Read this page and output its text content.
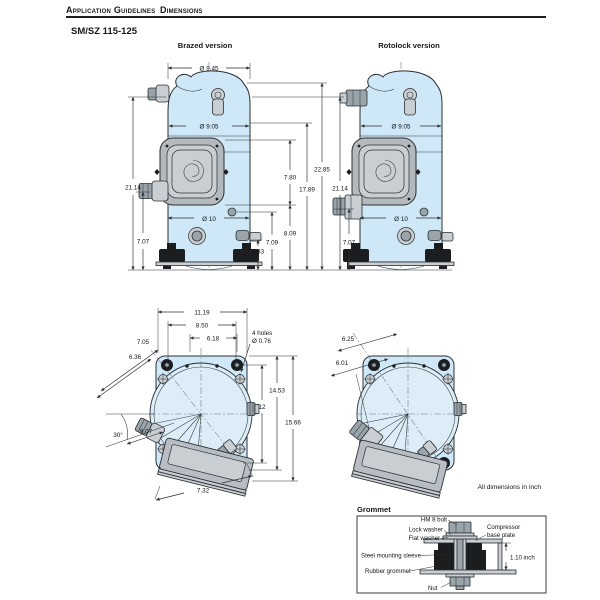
Application Guidelines Dimensions
SM/SZ 115-125
Brazed version	Rotolock version
Ø 9.45
Ø 9.05
21.14
7.07
Ø 10
4.33
7.09
7.80
8.09
17.89
22.85
21.14
7.07
Ø 9.05
Ø 10
11.19
8.50
6.18
4 holes
Ø 0.76
7.05
6.36
30°	8.07
12
14.53
15.66
7.32
6.25
6.01
All dimensions in inch
Grommet
HM 8 bolt
Lock washer
Flat washer
Compressor
base plate
Steel mounting sleeve
Rubber grommet
Nut
1.10 inch
